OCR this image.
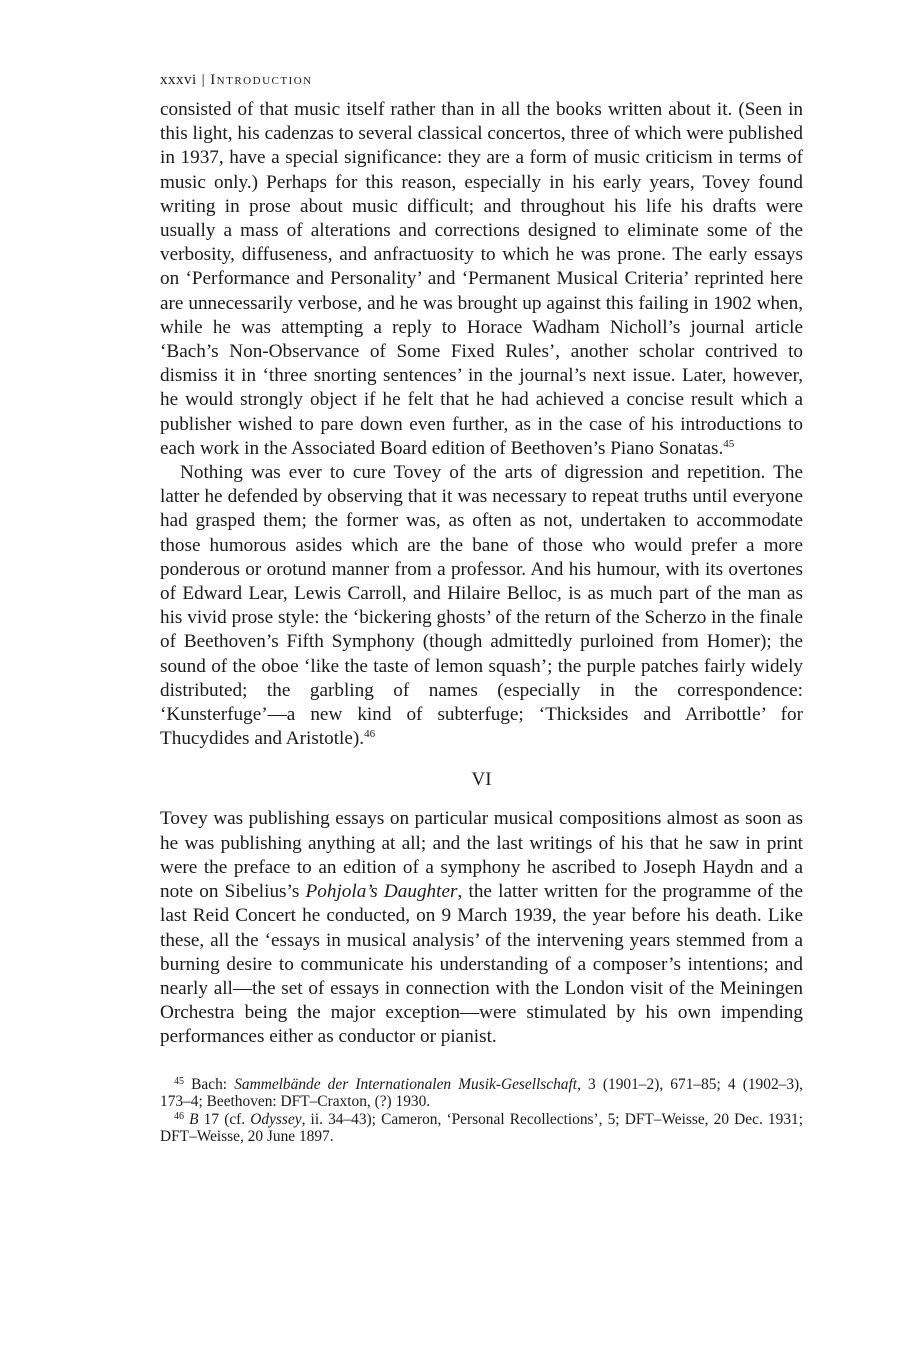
xxxvi | Introduction

consisted of that music itself rather than in all the books written about it. (Seen in this light, his cadenzas to several classical concertos, three of which were published in 1937, have a special significance: they are a form of music criticism in terms of music only.) Perhaps for this reason, especially in his early years, Tovey found writing in prose about music difficult; and throughout his life his drafts were usually a mass of alterations and corrections designed to eliminate some of the verbosity, diffuseness, and anfractuosity to which he was prone. The early essays on ‘Performance and Personality’ and ‘Permanent Musical Criteria’ reprinted here are unnecessarily verbose, and he was brought up against this failing in 1902 when, while he was attempting a reply to Horace Wadham Nicholl’s journal article ‘Bach’s Non-Observance of Some Fixed Rules’, another scholar contrived to dismiss it in ‘three snorting sentences’ in the journal’s next issue. Later, however, he would strongly object if he felt that he had achieved a concise result which a publisher wished to pare down even further, as in the case of his introductions to each work in the Associated Board edition of Beethoven’s Piano Sonatas.$^{45}$

Nothing was ever to cure Tovey of the arts of digression and repetition. The latter he defended by observing that it was necessary to repeat truths until everyone had grasped them; the former was, as often as not, undertaken to accommodate those humorous asides which are the bane of those who would prefer a more ponderous or orotund manner from a professor. And his humour, with its overtones of Edward Lear, Lewis Carroll, and Hilaire Belloc, is as much part of the man as his vivid prose style: the ‘bickering ghosts’ of the return of the Scherzo in the finale of Beethoven’s Fifth Symphony (though admittedly purloined from Homer); the sound of the oboe ‘like the taste of lemon squash’; the purple patches fairly widely distributed; the garbling of names (especially in the correspondence: ‘Kunsterfuge’—a new kind of subterfuge; ‘Thicksides and Arribottle’ for Thucydides and Aristotle).$^{46}$

VI

Tovey was publishing essays on particular musical compositions almost as soon as he was publishing anything at all; and the last writings of his that he saw in print were the preface to an edition of a symphony he ascribed to Joseph Haydn and a note on Sibelius’s Pohjola’s Daughter, the latter written for the programme of the last Reid Concert he conducted, on 9 March 1939, the year before his death. Like these, all the ‘essays in musical analysis’ of the intervening years stemmed from a burning desire to communicate his understanding of a composer’s intentions; and nearly all—the set of essays in connection with the London visit of the Meiningen Orchestra being the major exception—were stimulated by his own impending performances either as conductor or pianist.

$^{45}$ Bach: Sammelbände der Internationalen Musik-Gesellschaft, 3 (1901–2), 671–85; 4 (1902–3), 173–4; Beethoven: DFT–Craxton, (?) 1930.

$^{46}$ B 17 (cf. Odyssey, ii. 34–43); Cameron, ‘Personal Recollections’, 5; DFT–Weisse, 20 Dec. 1931; DFT–Weisse, 20 June 1897.
